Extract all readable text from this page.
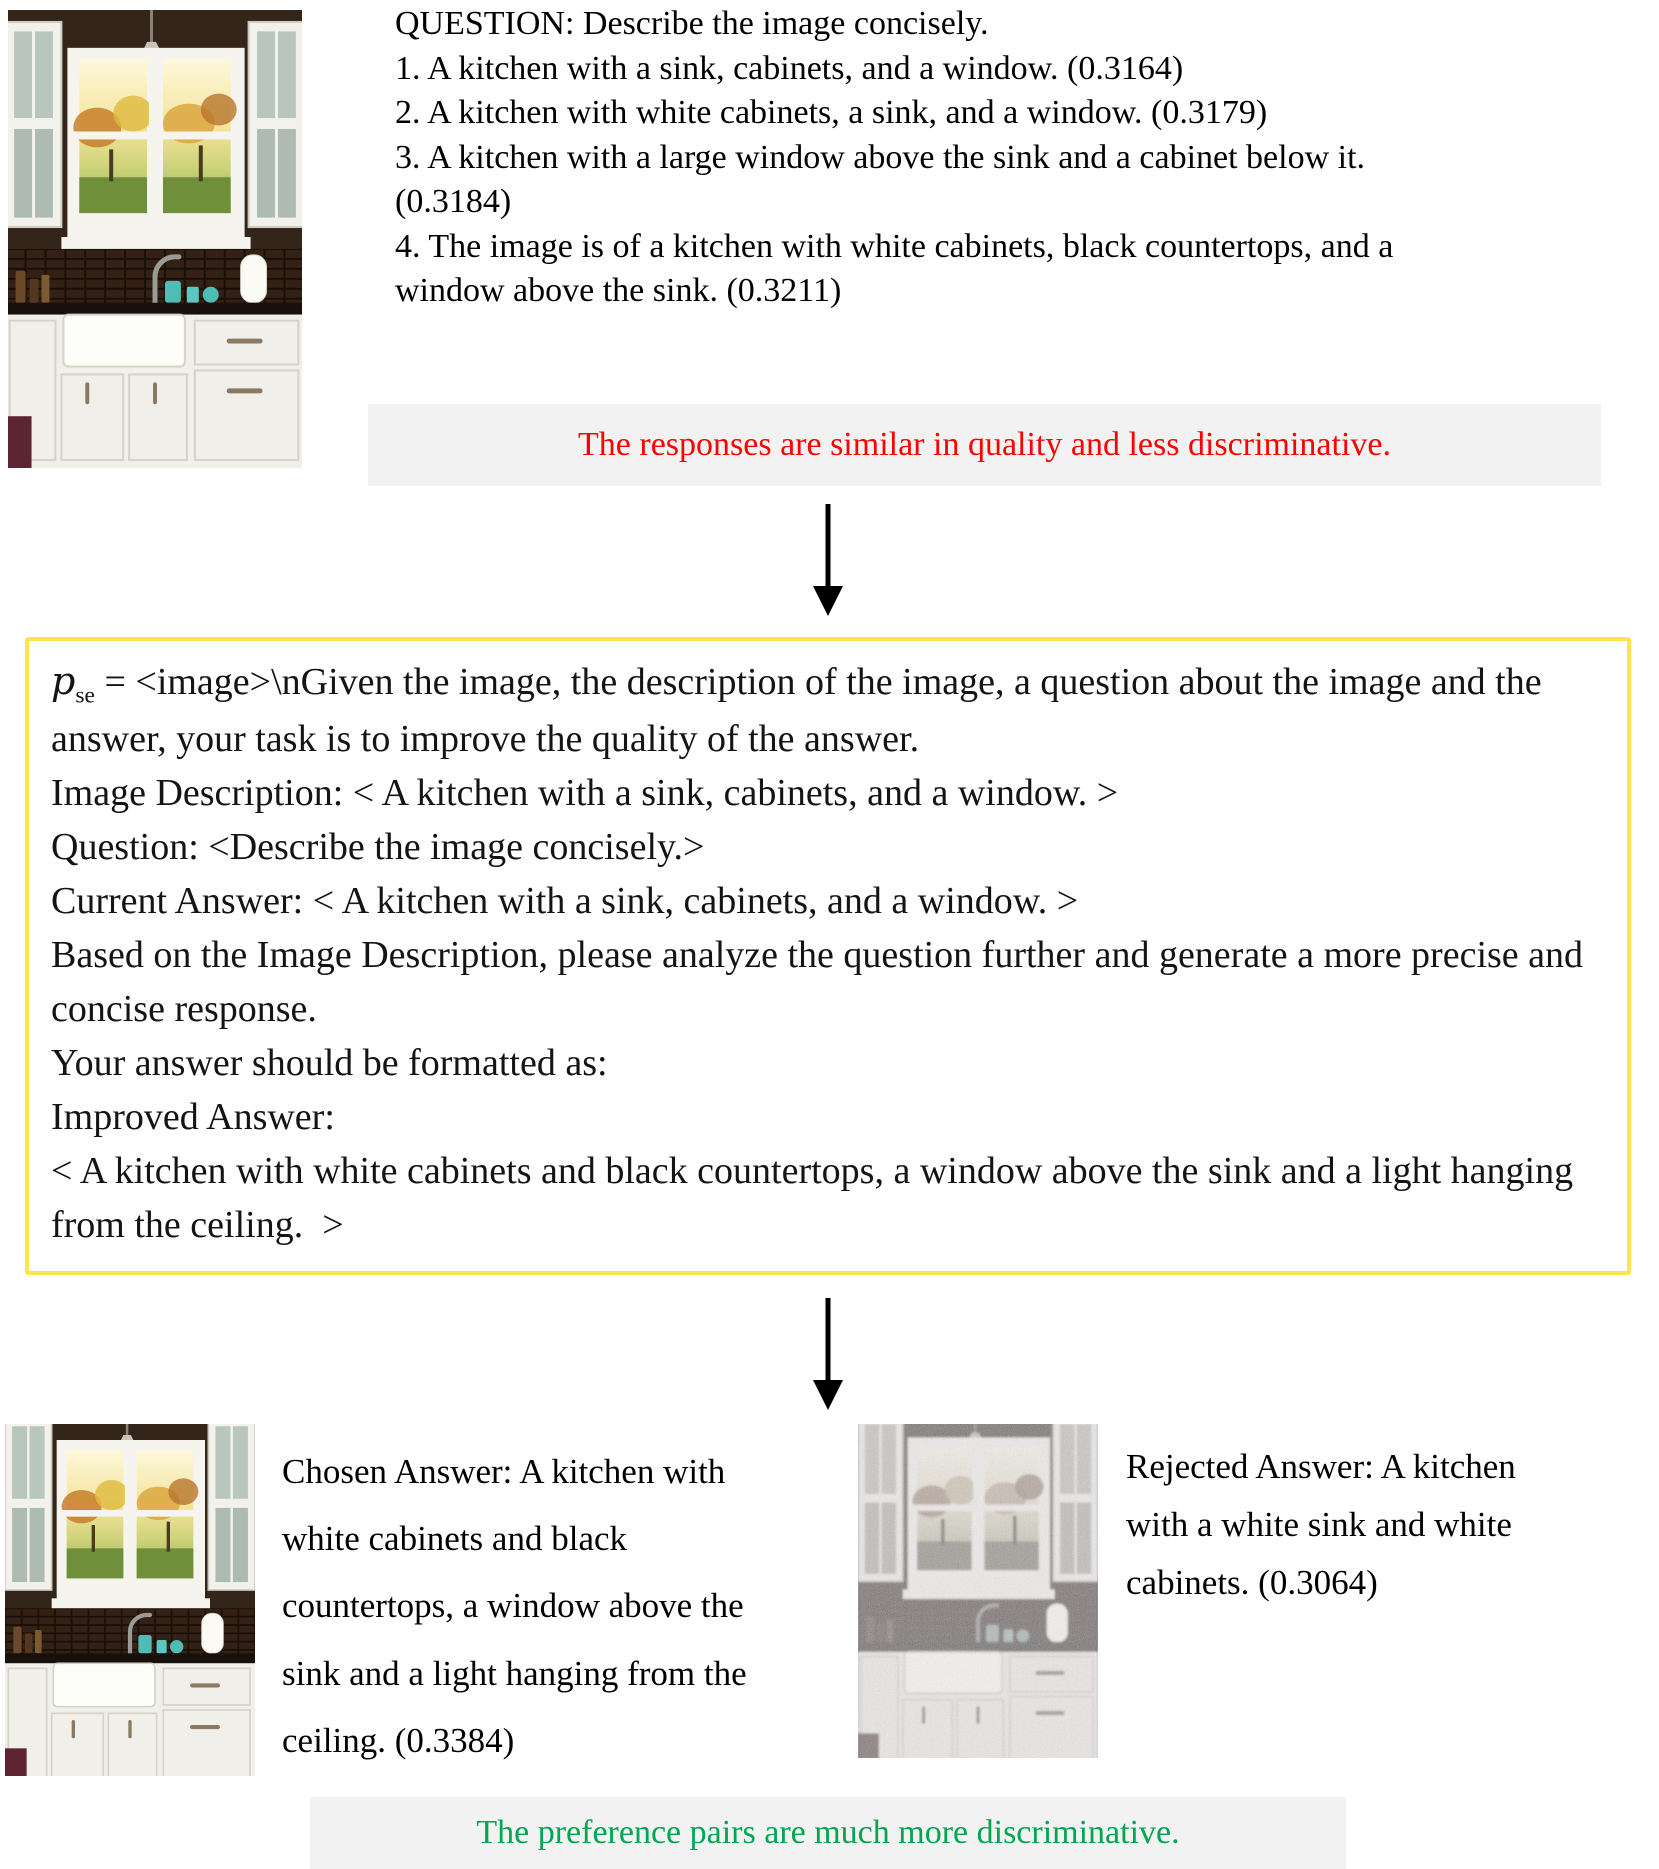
QUESTION: Describe the image concisely.
1. A kitchen with a sink, cabinets, and a window. (0.3164)
2. A kitchen with white cabinets, a sink, and a window. (0.3179)
3. A kitchen with a large window above the sink and a cabinet below it. (0.3184)
4. The image is of a kitchen with white cabinets, black countertops, and a window above the sink. (0.3211)
The responses are similar in quality and less discriminative.
$p_{se}$ = <image>\nGiven the image, the description of the image, a question about the image and the answer, your task is to improve the quality of the answer.
Image Description: < A kitchen with a sink, cabinets, and a window. >
Question: <Describe the image concisely.>
Current Answer: < A kitchen with a sink, cabinets, and a window. >
Based on the Image Description, please analyze the question further and generate a more precise and concise response.
Your answer should be formatted as:
Improved Answer:
< A kitchen with white cabinets and black countertops, a window above the sink and a light hanging from the ceiling.  >
Chosen Answer: A kitchen with white cabinets and black countertops, a window above the sink and a light hanging from the ceiling. (0.3384)
Rejected Answer: A kitchen with a white sink and white cabinets. (0.3064)
The preference pairs are much more discriminative.
